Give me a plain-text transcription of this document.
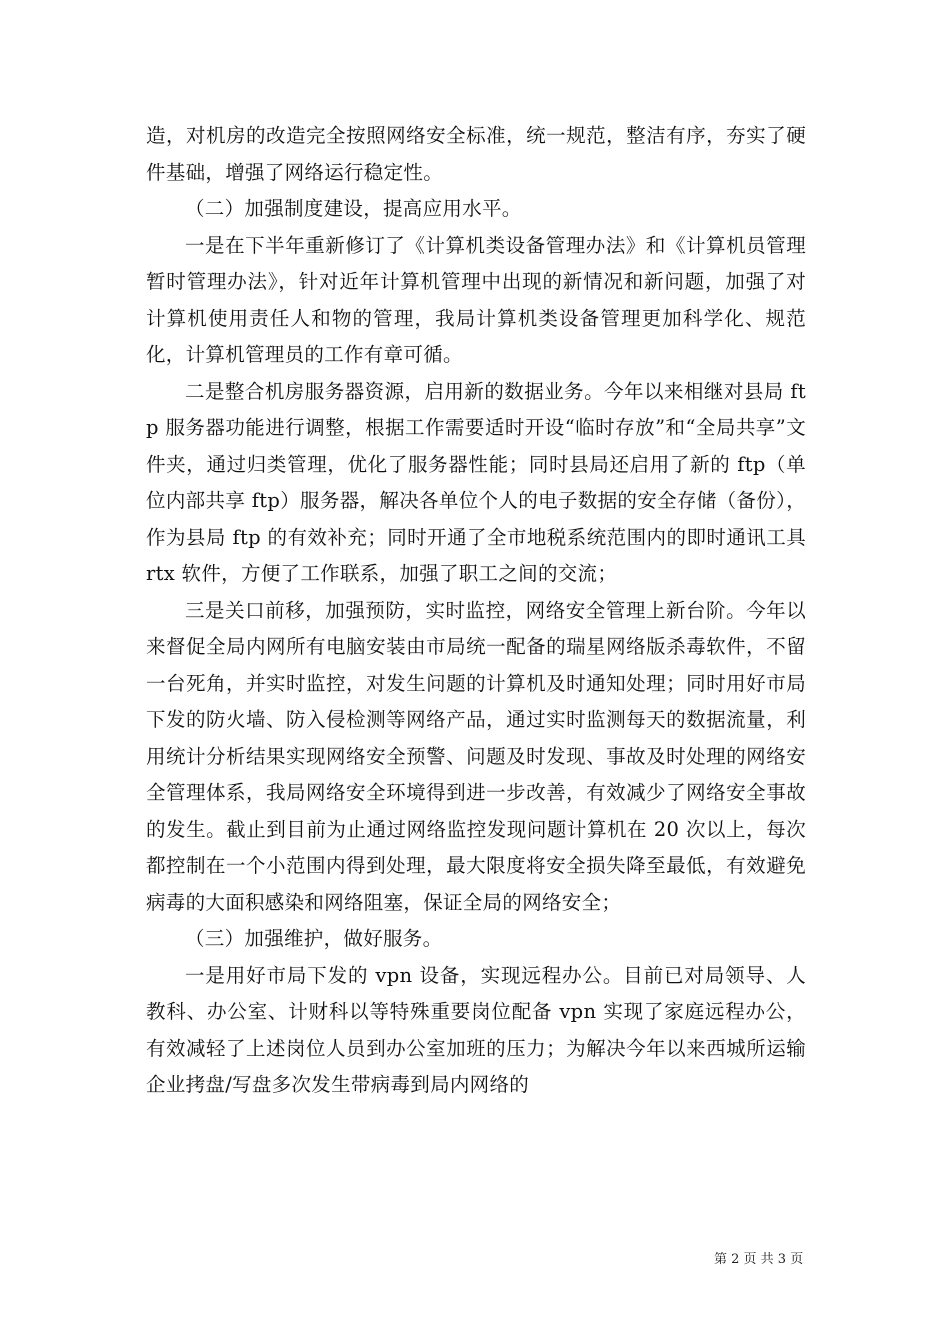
造，对机房的改造完全按照网络安全标准，统一规范，整洁有序，夯实了硬件基础，增强了网络运行稳定性。

（二）加强制度建设，提高应用水平。

一是在下半年重新修订了《计算机类设备管理办法》和《计算机员管理暂时管理办法》，针对近年计算机管理中出现的新情况和新问题，加强了对计算机使用责任人和物的管理，我局计算机类设备管理更加科学化、规范化，计算机管理员的工作有章可循。

二是整合机房服务器资源，启用新的数据业务。今年以来相继对县局 ftp 服务器功能进行调整，根据工作需要适时开设“临时存放”和“全局共享”文件夹，通过归类管理，优化了服务器性能；同时县局还启用了新的 ftp（单位内部共享 ftp）服务器，解决各单位个人的电子数据的安全存储（备份），作为县局 ftp 的有效补充；同时开通了全市地税系统范围内的即时通讯工具 rtx 软件，方便了工作联系，加强了职工之间的交流；

三是关口前移，加强预防，实时监控，网络安全管理上新台阶。今年以来督促全局内网所有电脑安装由市局统一配备的瑞星网络版杀毒软件，不留一台死角，并实时监控，对发生问题的计算机及时通知处理；同时用好市局下发的防火墙、防入侵检测等网络产品，通过实时监测每天的数据流量，利用统计分析结果实现网络安全预警、问题及时发现、事故及时处理的网络安全管理体系，我局网络安全环境得到进一步改善，有效减少了网络安全事故的发生。截止到目前为止通过网络监控发现问题计算机在 20 次以上，每次都控制在一个小范围内得到处理，最大限度将安全损失降至最低，有效避免病毒的大面积感染和网络阻塞，保证全局的网络安全；

（三）加强维护，做好服务。

一是用好市局下发的 vpn 设备，实现远程办公。目前已对局领导、人教科、办公室、计财科以等特殊重要岗位配备 vpn 实现了家庭远程办公，有效减轻了上述岗位人员到办公室加班的压力；为解决今年以来西城所运输企业拷盘/写盘多次发生带病毒到局内网络的

第 2 页 共 3 页
